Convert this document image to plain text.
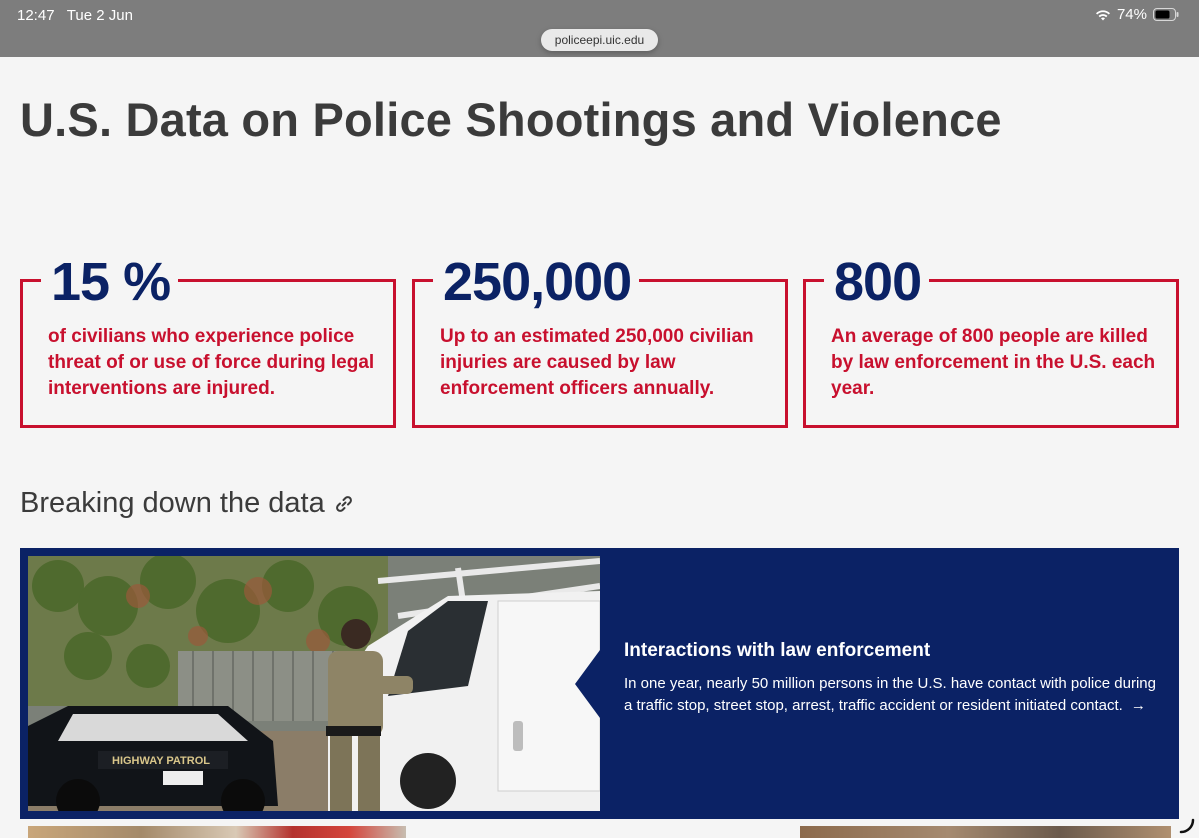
12:47 Tue 2 Jun	74%
policeepi.uic.edu
U.S. Data on Police Shootings and Violence
15 %
of civilians who experience police threat of or use of force during legal interventions are injured.
250,000
Up to an estimated 250,000 civilian injuries are caused by law enforcement officers annually.
800
An average of 800 people are killed by law enforcement in the U.S. each year.
Breaking down the data
HIGHWAY PATROL
Interactions with law enforcement
In one year, nearly 50 million persons in the U.S. have contact with police during a traffic stop, street stop, arrest, traffic accident or resident initiated contact. →
